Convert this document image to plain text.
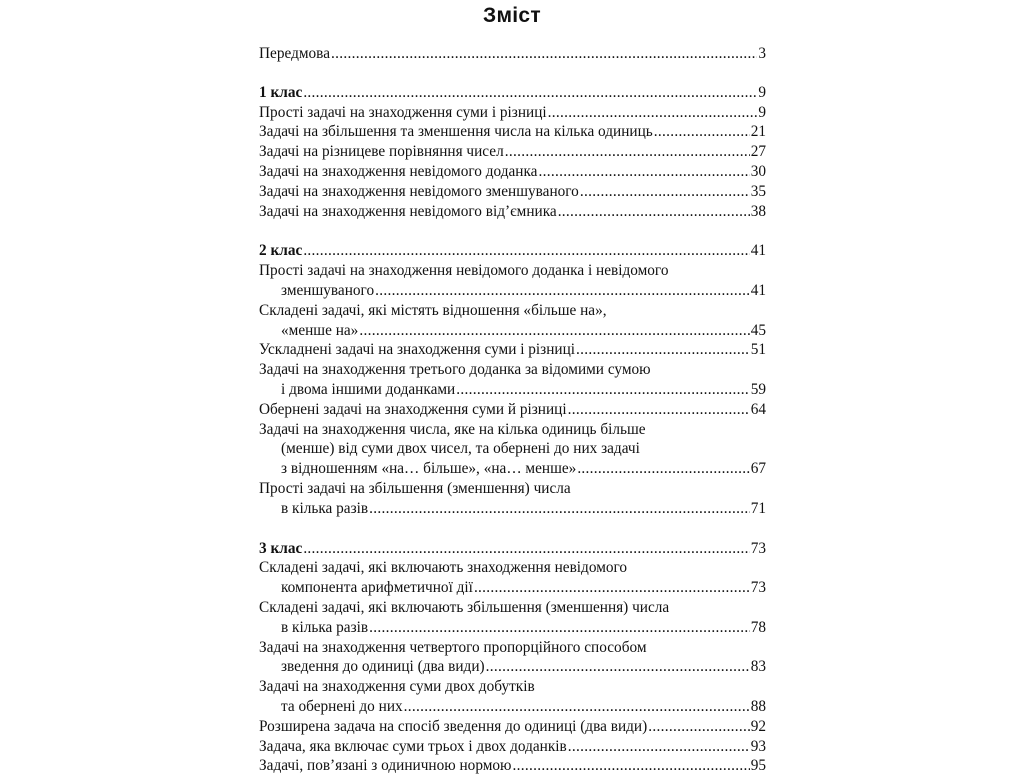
Зміст
Передмова .....	3
1 клас .....	9
Прості задачі на знаходження суми і різниці .....	9
Задачі на збільшення та зменшення числа на кілька одиниць .....	21
Задачі на різницеве порівняння чисел .....	27
Задачі на знаходження невідомого доданка .....	30
Задачі на знаходження невідомого зменшуваного .....	35
Задачі на знаходження невідомого від’ємника .....	38
2 клас .....	41
Прості задачі на знаходження невідомого доданка і невідомого
зменшуваного .....	41
Складені задачі, які містять відношення «більше на»,
«менше на» .....	45
Ускладнені задачі на знаходження суми і різниці .....	51
Задачі на знаходження третього доданка за відомими сумою
і двома іншими доданками .....	59
Обернені задачі на знаходження суми й різниці .....	64
Задачі на знаходження числа, яке на кілька одиниць більше
(менше) від суми двох чисел, та обернені до них задачі
з відношенням «на… більше», «на… менше» .....	67
Прості задачі на збільшення (зменшення) числа
в кілька разів .....	71
3 клас .....	73
Складені задачі, які включають знаходження невідомого
компонента арифметичної дії .....	73
Складені задачі, які включають збільшення (зменшення) числа
в кілька разів .....	78
Задачі на знаходження четвертого пропорційного способом
зведення до одиниці (два види) .....	83
Задачі на знаходження суми двох добутків
та обернені до них .....	88
Розширена задача на спосіб зведення до одиниці (два види) .....	92
Задача, яка включає суми трьох і двох доданків .....	93
Задачі, пов’язані з одиничною нормою .....	95
